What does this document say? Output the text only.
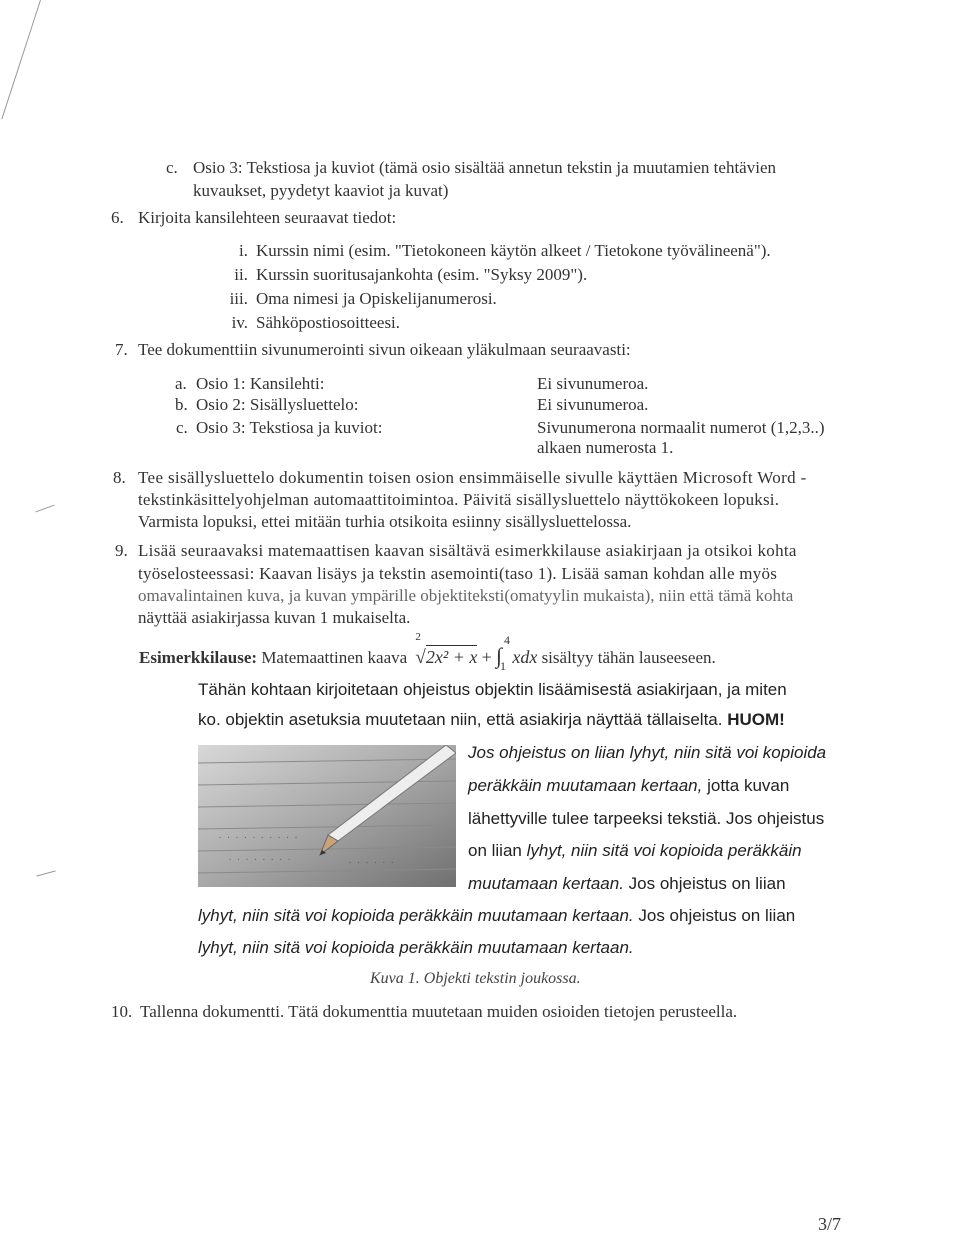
c. Osio 3: Tekstiosa ja kuviot (tämä osio sisältää annetun tekstin ja muutamien tehtävien
kuvaukset, pyydetyt kaaviot ja kuvat)
6. Kirjoita kansilehteen seuraavat tiedot:
i. Kurssin nimi (esim. "Tietokoneen käytön alkeet / Tietokone työvälineenä").
ii. Kurssin suoritusajankohta (esim. "Syksy 2009").
iii. Oma nimesi ja Opiskelijanumerosi.
iv. Sähköpostiosoitteesi.
7. Tee dokumenttiin sivunumerointi sivun oikeaan yläkulmaan seuraavasti:
a. Osio 1: Kansilehti:	Ei sivunumeroa.
b. Osio 2: Sisällysluettelo:	Ei sivunumeroa.
c. Osio 3: Tekstiosa ja kuviot:	Sivunumerona normaalit numerot (1,2,3..)
alkaen numerosta 1.
8. Tee sisällysluettelo dokumentin toisen osion ensimmäiselle sivulle käyttäen Microsoft Word -
tekstinkäsittelyohjelman automaattitoimintoa. Päivitä sisällysluettelo näyttökokeen lopuksi.
Varmista lopuksi, ettei mitään turhia otsikoita esiinny sisällysluettelossa.
9. Lisää seuraavaksi matemaattisen kaavan sisältävä esimerkkilause asiakirjaan ja otsikoi kohta
työselosteessasi: Kaavan lisäys ja tekstin asemointi(taso 1). Lisää saman kohdan alle myös
omavalintainen kuva, ja kuvan ympärille objektiteksti(omatyylin mukaista), niin että tämä kohta
näyttää asiakirjassa kuvan 1 mukaiselta.
Esimerkkilause: Matemaattinen kaava
2
√2x² + x + ∫
4
1 xdx sisältyy tähän lauseeseen.
Tähän kohtaan kirjoitetaan ohjeistus objektin lisäämisestä asiakirjaan, ja miten
ko. objektin asetuksia muutetaan niin, että asiakirja näyttää tällaiselta. HUOM!
· · · · · · · · · ·
· · · · · · · ·	· · · · · ·
Jos ohjeistus on liian lyhyt, niin sitä voi kopioida
peräkkäin muutamaan kertaan, jotta kuvan
lähettyville tulee tarpeeksi tekstiä. Jos ohjeistus
on liian lyhyt, niin sitä voi kopioida peräkkäin
muutamaan kertaan. Jos ohjeistus on liian
lyhyt, niin sitä voi kopioida peräkkäin muutamaan kertaan. Jos ohjeistus on liian
lyhyt, niin sitä voi kopioida peräkkäin muutamaan kertaan.
Kuva 1. Objekti tekstin joukossa.
10. Tallenna dokumentti. Tätä dokumenttia muutetaan muiden osioiden tietojen perusteella.
3/7
